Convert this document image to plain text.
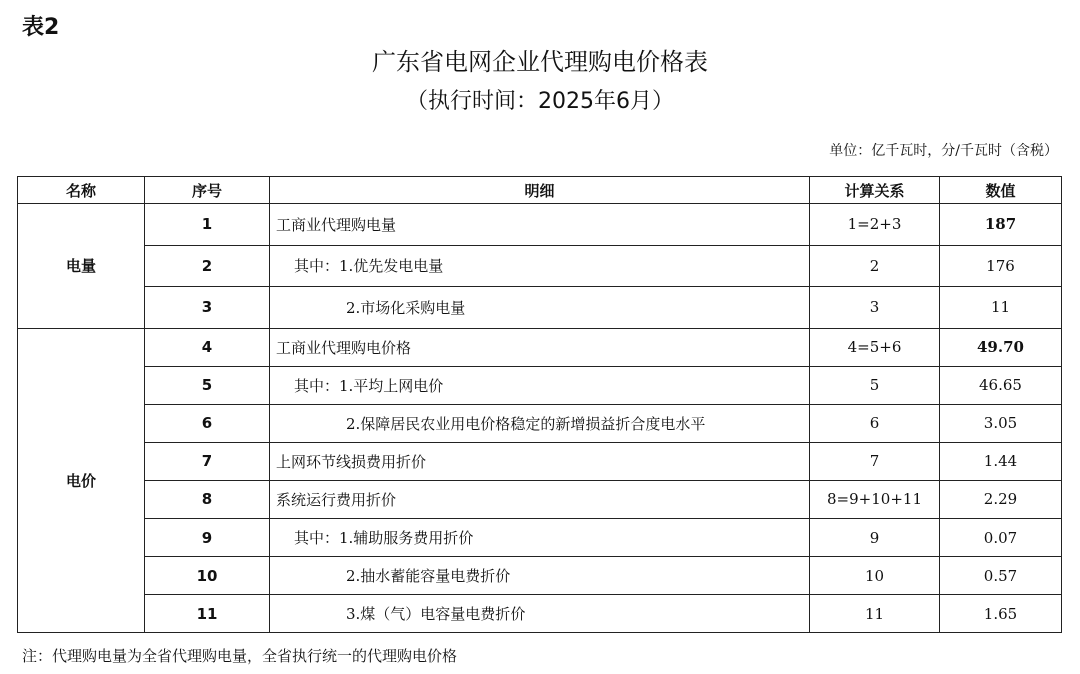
表2
广东省电网企业代理购电价格表
（执行时间：2025年6月）
单位：亿千瓦时，分/千瓦时（含税）
名称	序号	明细	计算关系	数值
电量	1	工商业代理购电量	1=2+3	187
	2	其中：1.优先发电电量	2	176
	3	2.市场化采购电量	3	11
电价	4	工商业代理购电价格	4=5+6	49.70
	5	其中：1.平均上网电价	5	46.65
	6	2.保障居民农业用电价格稳定的新增损益折合度电水平	6	3.05
	7	上网环节线损费用折价	7	1.44
	8	系统运行费用折价	8=9+10+11	2.29
	9	其中：1.辅助服务费用折价	9	0.07
	10	2.抽水蓄能容量电费折价	10	0.57
	11	3.煤（气）电容量电费折价	11	1.65
注：代理购电量为全省代理购电量，全省执行统一的代理购电价格
